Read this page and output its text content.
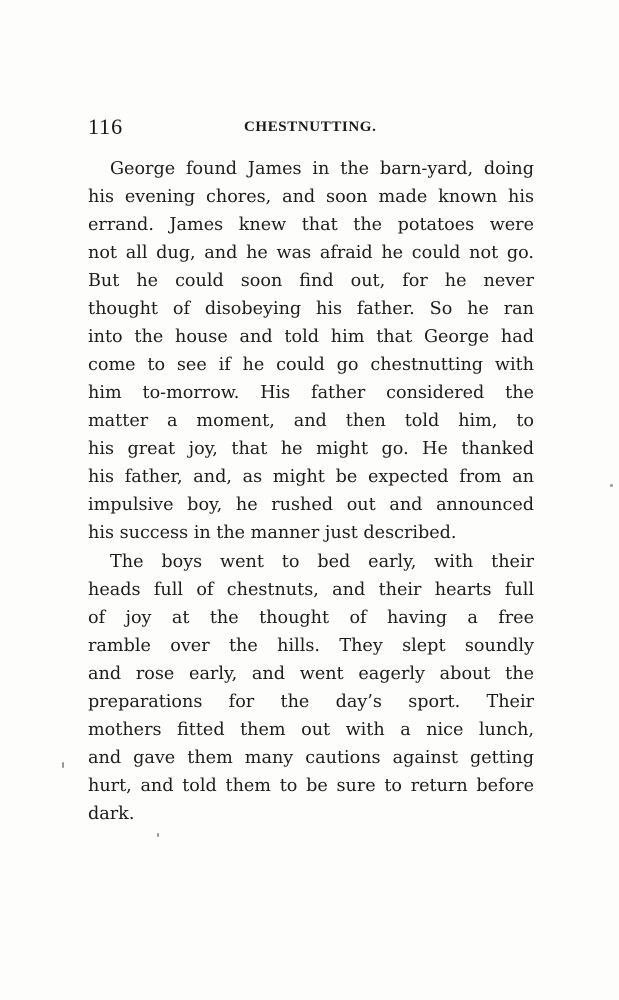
116	CHESTNUTTING.
George found James in the barn-yard, doing
his evening chores, and soon made known his
errand. James knew that the potatoes were
not all dug, and he was afraid he could not go.
But he could soon find out, for he never
thought of disobeying his father. So he ran
into the house and told him that George had
come to see if he could go chestnutting with
him to-morrow. His father considered the
matter a moment, and then told him, to
his great joy, that he might go. He thanked
his father, and, as might be expected from an
impulsive boy, he rushed out and announced
his success in the manner just described.
The boys went to bed early, with their
heads full of chestnuts, and their hearts full
of joy at the thought of having a free
ramble over the hills. They slept soundly
and rose early, and went eagerly about the
preparations for the day’s sport. Their
mothers fitted them out with a nice lunch,
and gave them many cautions against getting
hurt, and told them to be sure to return before
dark.
